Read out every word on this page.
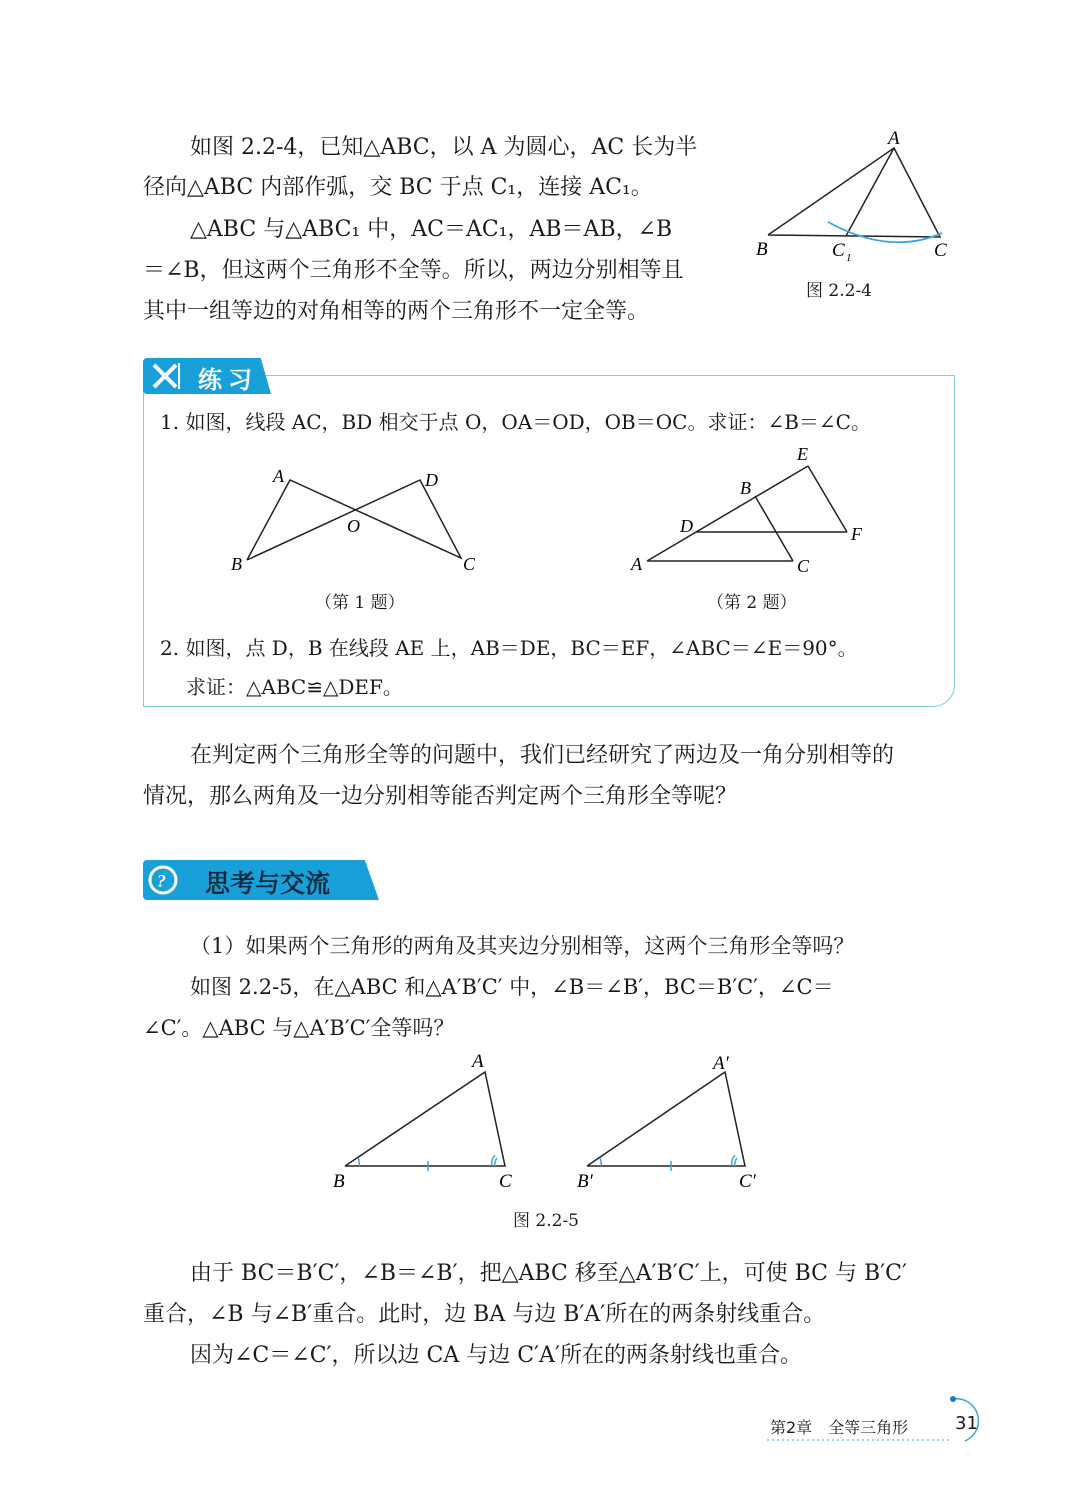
如图 2.2-4，已知△ABC，以 A 为圆心，AC 长为半
径向△ABC 内部作弧，交 BC 于点 C₁，连接 AC₁。
△ABC 与△ABC₁ 中，AC＝AC₁，AB＝AB，∠B
＝∠B，但这两个三角形不全等。所以，两边分别相等且
其中一组等边的对角相等的两个三角形不一定全等。
A
B	C
C 1
图 2.2-4
练习
1. 如图，线段 AC，BD 相交于点 O，OA＝OD，OB＝OC。求证：∠B＝∠C。
A	D
O
B	C
（第 1 题）
E
B
D	F
A	C
（第 2 题）
2. 如图，点 D，B 在线段 AE 上，AB＝DE，BC＝EF，∠ABC＝∠E＝90°。
求证：△ABC≌△DEF。
在判定两个三角形全等的问题中，我们已经研究了两边及一角分别相等的
情况，那么两角及一边分别相等能否判定两个三角形全等呢？
? 思考与交流
（1）如果两个三角形的两角及其夹边分别相等，这两个三角形全等吗？
如图 2.2-5，在△ABC 和△A′B′C′ 中，∠B＝∠B′，BC＝B′C′，∠C＝
∠C′。△ABC 与△A′B′C′全等吗？
A
B	C
A′
B′	C′
图 2.2-5
由于 BC＝B′C′，∠B＝∠B′，把△ABC 移至△A′B′C′上，可使 BC 与 B′C′
重合，∠B 与∠B′重合。此时，边 BA 与边 B′A′所在的两条射线重合。
因为∠C＝∠C′，所以边 CA 与边 C′A′所在的两条射线也重合。
第2章　全等三角形	31
